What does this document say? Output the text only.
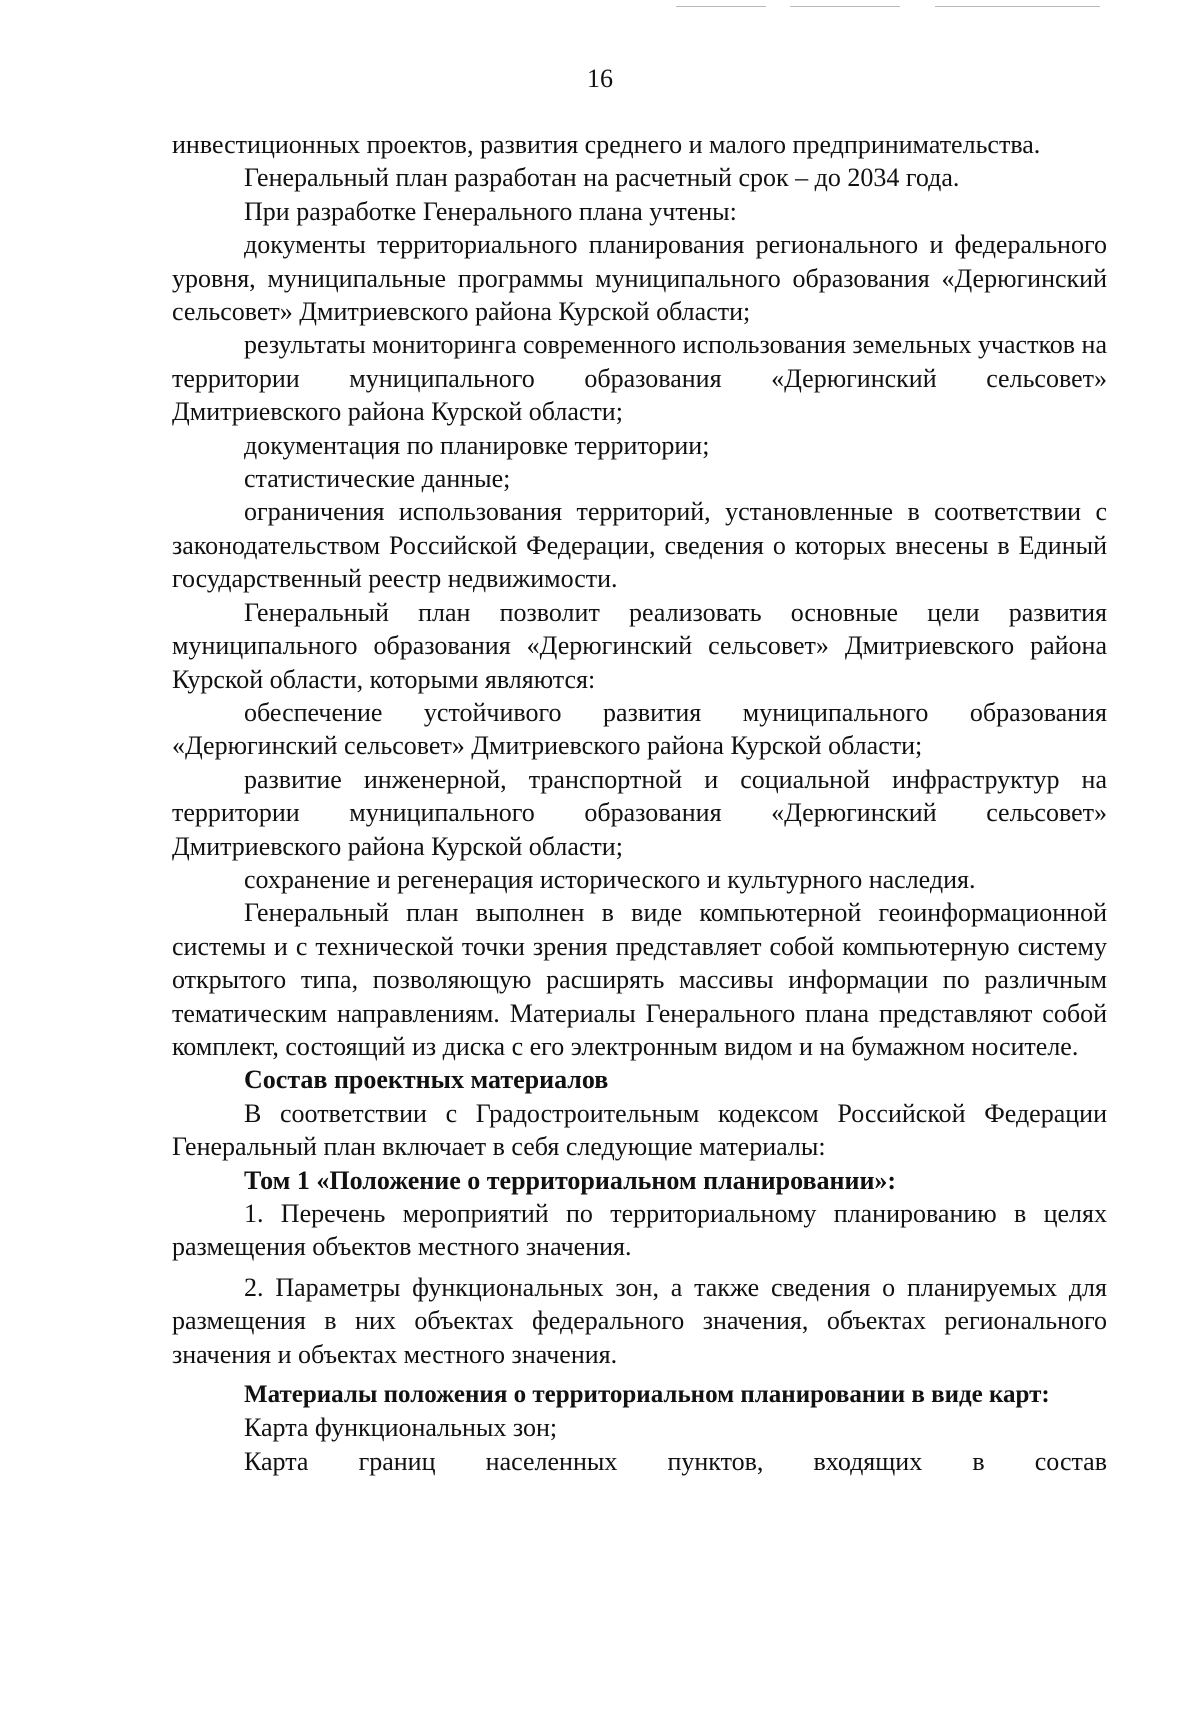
16

инвестиционных проектов, развития среднего и малого предпринимательства.

Генеральный план разработан на расчетный срок – до 2034 года.

При разработке Генерального плана учтены:

документы территориального планирования регионального и федерального уровня, муниципальные программы муниципального образования «Дерюгинский сельсовет» Дмитриевского района Курской области;

результаты мониторинга современного использования земельных участков на территории муниципального образования «Дерюгинский сельсовет» Дмитриевского района Курской области;

документация по планировке территории;

статистические данные;

ограничения использования территорий, установленные в соответствии с законодательством Российской Федерации, сведения о которых внесены в Единый государственный реестр недвижимости.

Генеральный план позволит реализовать основные цели развития муниципального образования «Дерюгинский сельсовет» Дмитриевского района Курской области, которыми являются:

обеспечение устойчивого развития муниципального образования «Дерюгинский сельсовет» Дмитриевского района Курской области;

развитие инженерной, транспортной и социальной инфраструктур на территории муниципального образования «Дерюгинский сельсовет» Дмитриевского района Курской области;

сохранение и регенерация исторического и культурного наследия.

Генеральный план выполнен в виде компьютерной геоинформационной системы и с технической точки зрения представляет собой компьютерную систему открытого типа, позволяющую расширять массивы информации по различным тематическим направлениям. Материалы Генерального плана представляют собой комплект, состоящий из диска с его электронным видом и на бумажном носителе.

Состав проектных материалов

В соответствии с Градостроительным кодексом Российской Федерации Генеральный план включает в себя следующие материалы:

Том 1 «Положение о территориальном планировании»:

1. Перечень мероприятий по территориальному планированию в целях размещения объектов местного значения.

2. Параметры функциональных зон, а также сведения о планируемых для размещения в них объектах федерального значения, объектах регионального значения и объектах местного значения.

Материалы положения о территориальном планировании в виде карт:

Карта функциональных зон;

Карта границ населенных пунктов, входящих в состав
